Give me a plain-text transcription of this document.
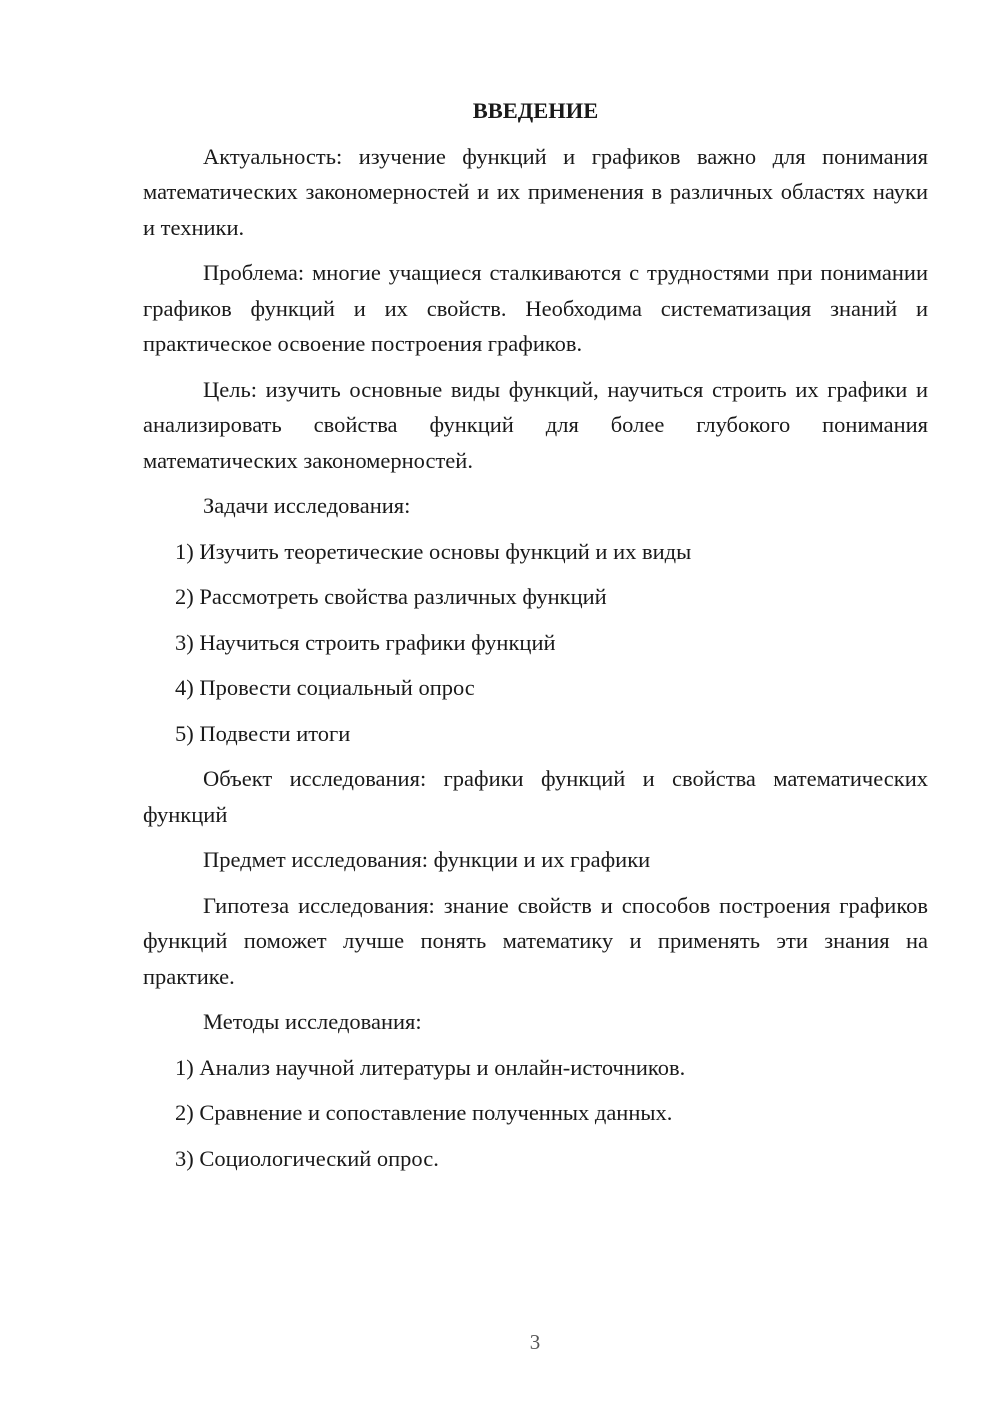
ВВЕДЕНИЕ
Актуальность: изучение функций и графиков важно для понимания математических закономерностей и их применения в различных областях науки и техники.
Проблема: многие учащиеся сталкиваются с трудностями при понимании графиков функций и их свойств. Необходима систематизация знаний и практическое освоение построения графиков.
Цель: изучить основные виды функций, научиться строить их графики и анализировать свойства функций для более глубокого понимания математических закономерностей.
Задачи исследования:
1) Изучить теоретические основы функций и их виды
2) Рассмотреть свойства различных функций
3) Научиться строить графики функций
4) Провести социальный опрос
5) Подвести итоги
Объект исследования: графики функций и свойства математических функций
Предмет исследования: функции и их графики
Гипотеза исследования: знание свойств и способов построения графиков функций поможет лучше понять математику и применять эти знания на практике.
Методы исследования:
1) Анализ научной литературы и онлайн-источников.
2) Сравнение и сопоставление полученных данных.
3) Социологический опрос.
3
